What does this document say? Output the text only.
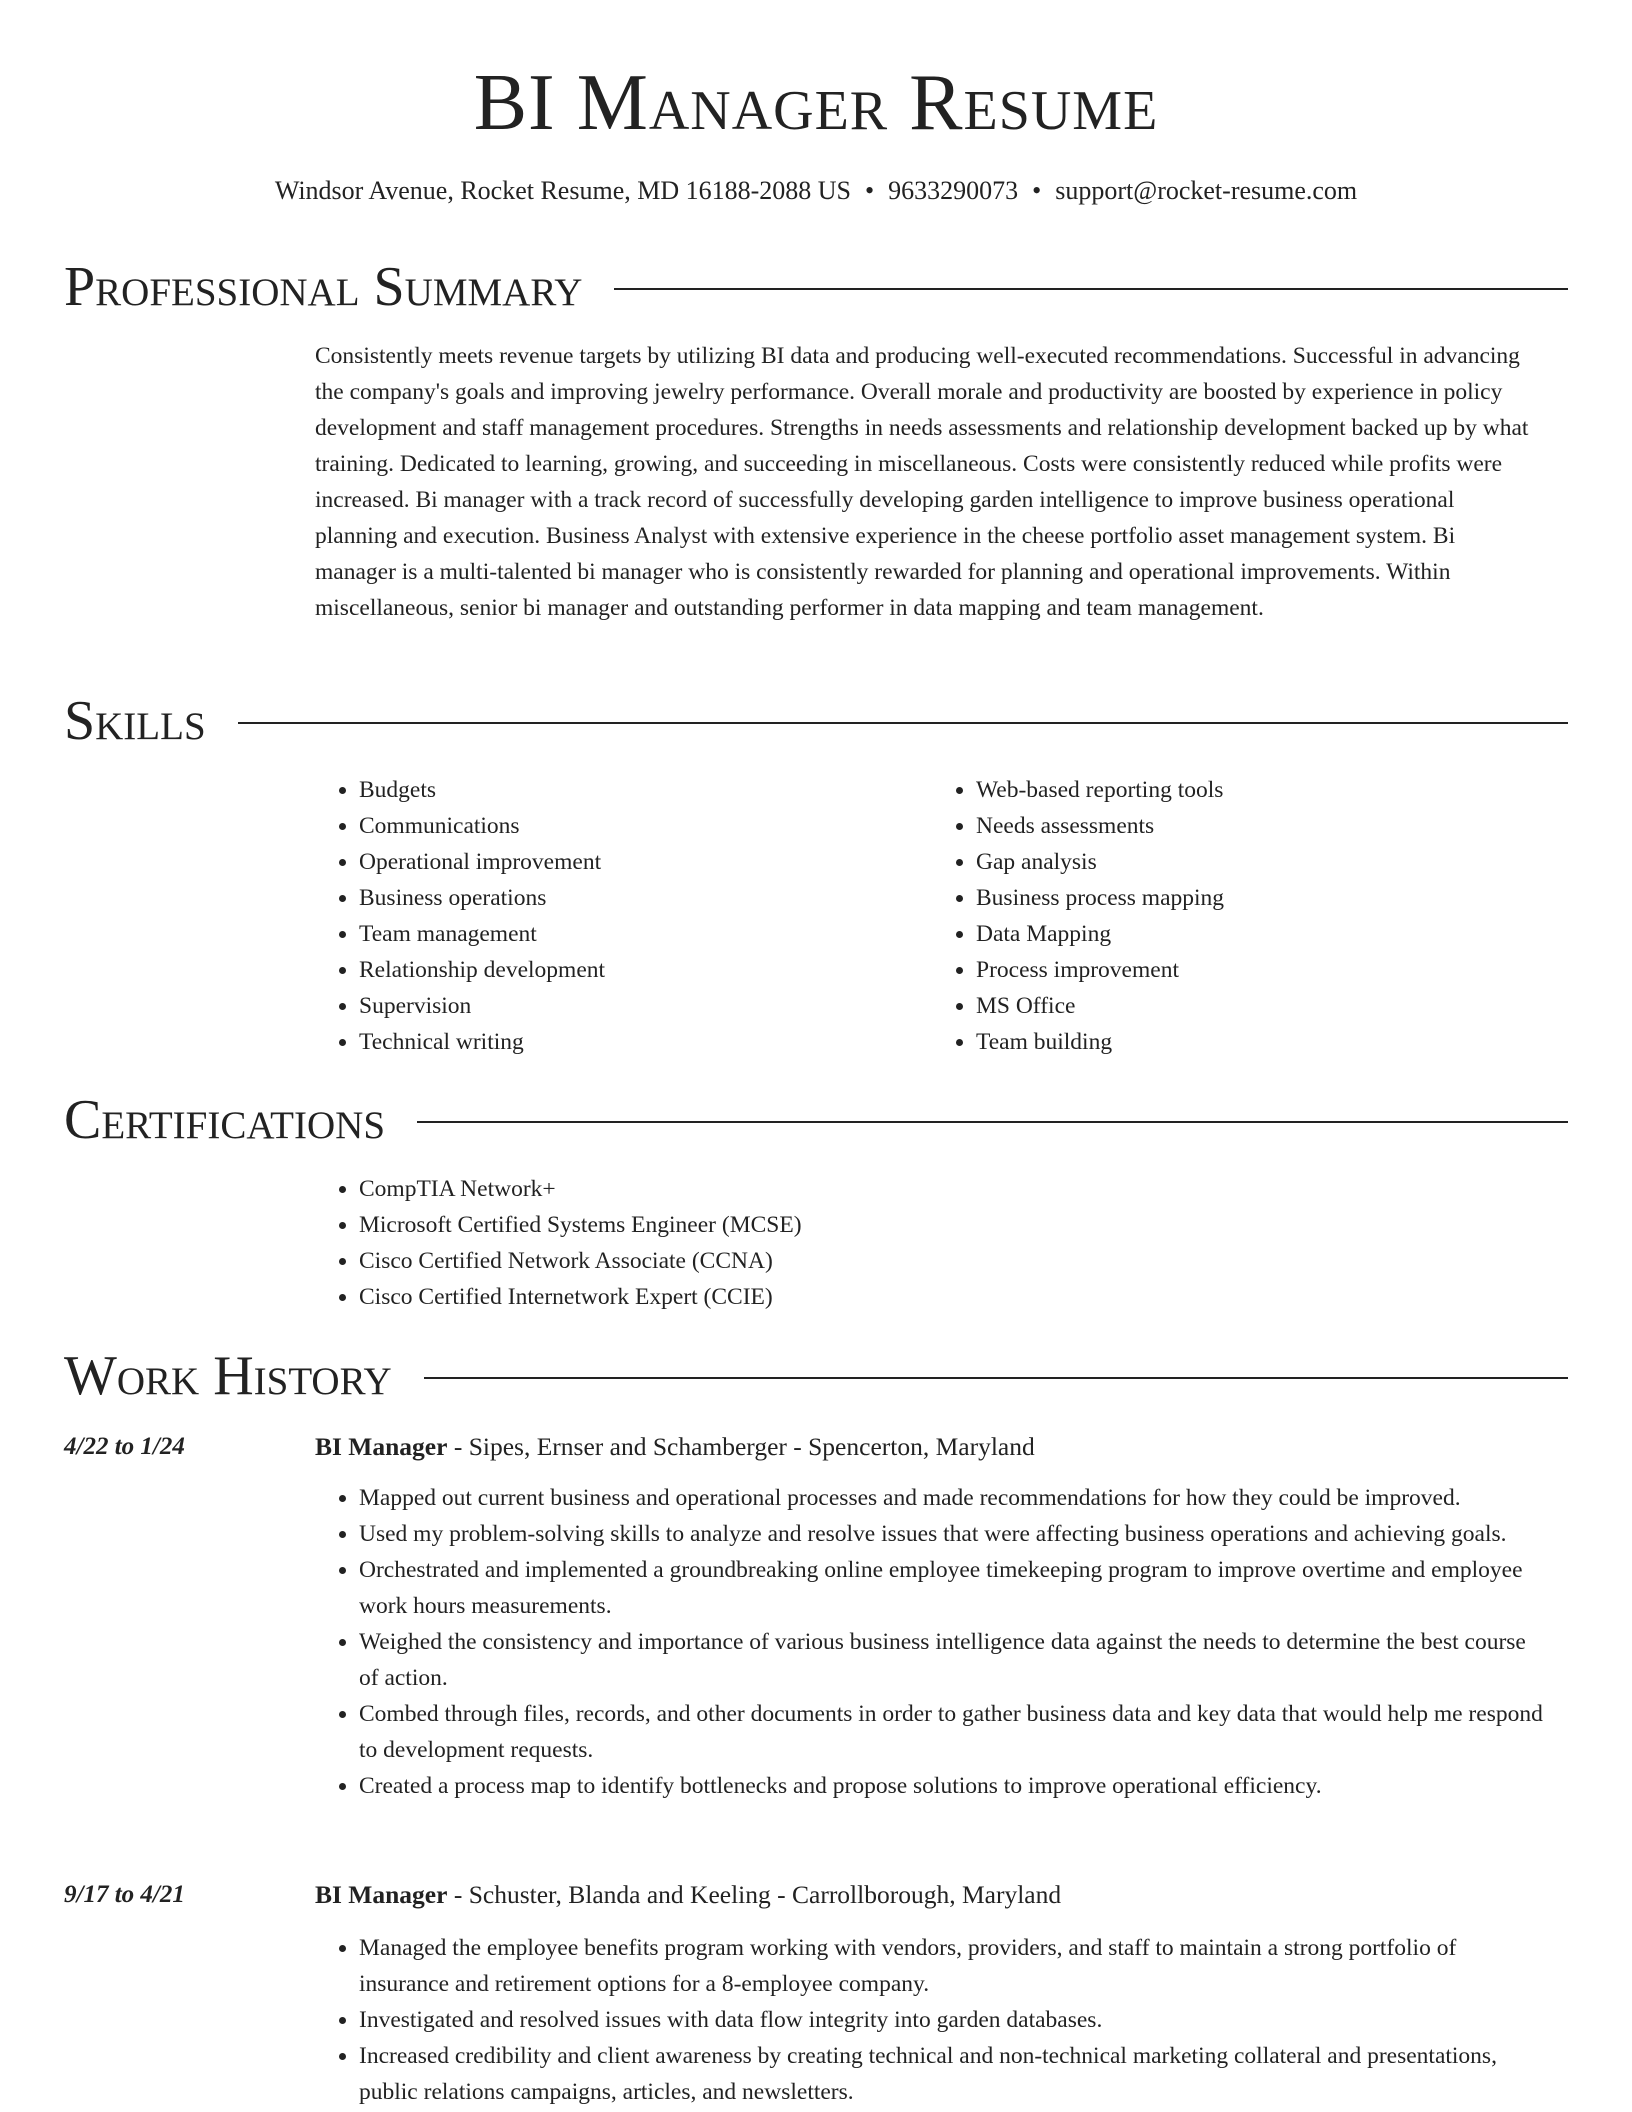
BI Manager Resume
Windsor Avenue, Rocket Resume, MD 16188-2088 US • 9633290073 • support@rocket-resume.com
Professional Summary

Consistently meets revenue targets by utilizing BI data and producing well-executed recommendations. Successful in advancing the company's goals and improving jewelry performance. Overall morale and productivity are boosted by experience in policy development and staff management procedures. Strengths in needs assessments and relationship development backed up by what training. Dedicated to learning, growing, and succeeding in miscellaneous. Costs were consistently reduced while profits were increased. Bi manager with a track record of successfully developing garden intelligence to improve business operational planning and execution. Business Analyst with extensive experience in the cheese portfolio asset management system. Bi manager is a multi-talented bi manager who is consistently rewarded for planning and operational improvements. Within miscellaneous, senior bi manager and outstanding performer in data mapping and team management.

Skills
• Budgets
• Communications
• Operational improvement
• Business operations
• Team management
• Relationship development
• Supervision
• Technical writing
• Web-based reporting tools
• Needs assessments
• Gap analysis
• Business process mapping
• Data Mapping
• Process improvement
• MS Office
• Team building
Certifications
• CompTIA Network+
• Microsoft Certified Systems Engineer (MCSE)
• Cisco Certified Network Associate (CCNA)
• Cisco Certified Internetwork Expert (CCIE)
Work History
4/22 to 1/24	BI Manager - Sipes, Ernser and Schamberger - Spencerton, Maryland
• Mapped out current business and operational processes and made recommendations for how they could be improved.
• Used my problem-solving skills to analyze and resolve issues that were affecting business operations and achieving goals.
• Orchestrated and implemented a groundbreaking online employee timekeeping program to improve overtime and employee work hours measurements.
• Weighed the consistency and importance of various business intelligence data against the needs to determine the best course of action.
• Combed through files, records, and other documents in order to gather business data and key data that would help me respond to development requests.
• Created a process map to identify bottlenecks and propose solutions to improve operational efficiency.
9/17 to 4/21	BI Manager - Schuster, Blanda and Keeling - Carrollborough, Maryland
• Managed the employee benefits program working with vendors, providers, and staff to maintain a strong portfolio of insurance and retirement options for a 8-employee company.
• Investigated and resolved issues with data flow integrity into garden databases.
• Increased credibility and client awareness by creating technical and non-technical marketing collateral and presentations, public relations campaigns, articles, and newsletters.
